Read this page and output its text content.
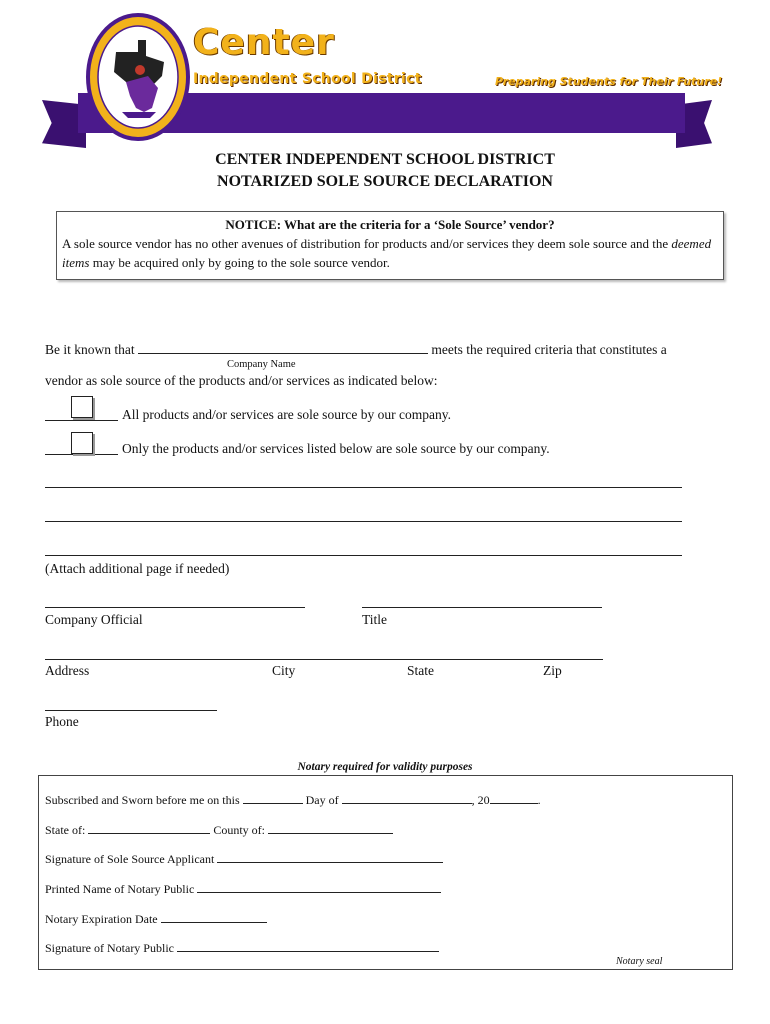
Center
Independent School District	Preparing Students for Their Future!
CENTER INDEPENDENT SCHOOL DISTRICT
NOTARIZED SOLE SOURCE DECLARATION
NOTICE: What are the criteria for a ‘Sole Source’ vendor?
A sole source vendor has no other avenues of distribution for products and/or services they deem sole source and the deemed items may be acquired only by going to the sole source vendor.
Be it known that	meets the required criteria that constitutes a
Company Name
vendor as sole source of the products and/or services as indicated below:
All products and/or services are sole source by our company.
Only the products and/or services listed below are sole source by our company.
(Attach additional page if needed)
Company Official	Title
Address	City	State	Zip
Phone
Notary required for validity purposes
Subscribed and Sworn before me on this	Day of	, 20	.
State of:	County of:
Signature of Sole Source Applicant
Printed Name of Notary Public
Notary Expiration Date
Signature of Notary Public
Notary seal
